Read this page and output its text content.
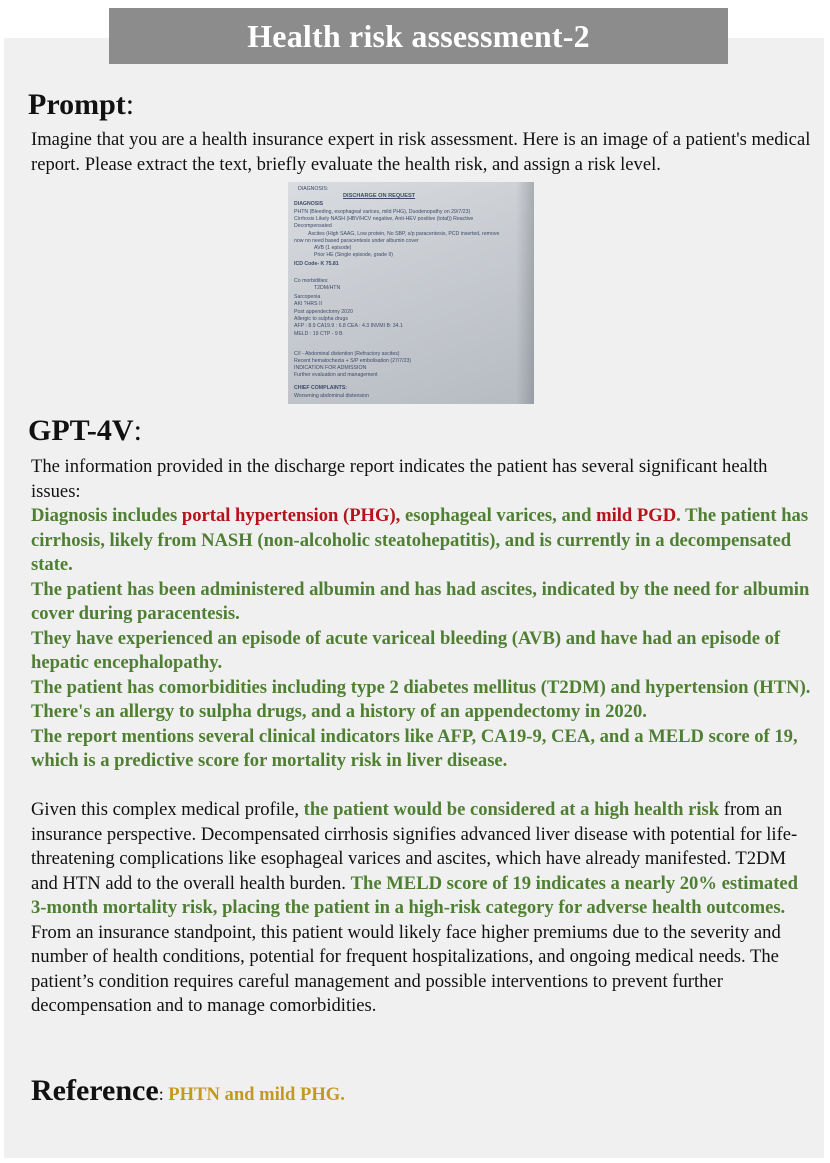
Health risk assessment-2
Prompt:
Imagine that you are a health insurance expert in risk assessment. Here is an image of a patient's medical report. Please extract the text, briefly evaluate the health risk, and assign a risk level.
DIAGNOSIS:
DISCHARGE ON REQUEST
DIAGNOSIS
PHTN (Bleeding, esophageal varices, mild PHG), Duodenopathy on 29/7/23)
Cirrhosis Likely NASH (HBV/HCV negative, Anti-HEV positive (total)) Reactive
Decompensated
Ascites (High SAAG, Low protein, No SBP, s/p paracentesis, PCD inserted, remove
now no need based paracentesis under albumin cover
AVB (1 episode)
Prior HE (Single episode, grade II)
ICD Code- K 75.81
Co morbidities:
T2DM/HTN
Sarcopenia
AKI ?HRS II
Post appendectomy 2020
Allergic to sulpha drugs
AFP : 8.9 CA19.9 : 6.8 CEA : 4.3 INVMI B: 34.1
MELD : 19 CTP - 9 B
C/I - Abdominal distention (Refractory ascites)
Recent hematochezia + S/P embolisation (27/7/23)
INDICATION FOR ADMISSION
Further evaluation and management
CHIEF COMPLAINTS:
Worsening abdominal distension
GPT-4V:
The information provided in the discharge report indicates the patient has several significant health issues:
Diagnosis includes portal hypertension (PHG), esophageal varices, and mild PGD. The patient has cirrhosis, likely from NASH (non-alcoholic steatohepatitis), and is currently in a decompensated state.
The patient has been administered albumin and has had ascites, indicated by the need for albumin cover during paracentesis.
They have experienced an episode of acute variceal bleeding (AVB) and have had an episode of hepatic encephalopathy.
The patient has comorbidities including type 2 diabetes mellitus (T2DM) and hypertension (HTN).
There's an allergy to sulpha drugs, and a history of an appendectomy in 2020.
The report mentions several clinical indicators like AFP, CA19-9, CEA, and a MELD score of 19, which is a predictive score for mortality risk in liver disease.
Given this complex medical profile, the patient would be considered at a high health risk from an insurance perspective. Decompensated cirrhosis signifies advanced liver disease with potential for life-threatening complications like esophageal varices and ascites, which have already manifested. T2DM and HTN add to the overall health burden. The MELD score of 19 indicates a nearly 20% estimated 3-month mortality risk, placing the patient in a high-risk category for adverse health outcomes.
From an insurance standpoint, this patient would likely face higher premiums due to the severity and number of health conditions, potential for frequent hospitalizations, and ongoing medical needs. The patient’s condition requires careful management and possible interventions to prevent further decompensation and to manage comorbidities.
Reference: PHTN and mild PHG.
